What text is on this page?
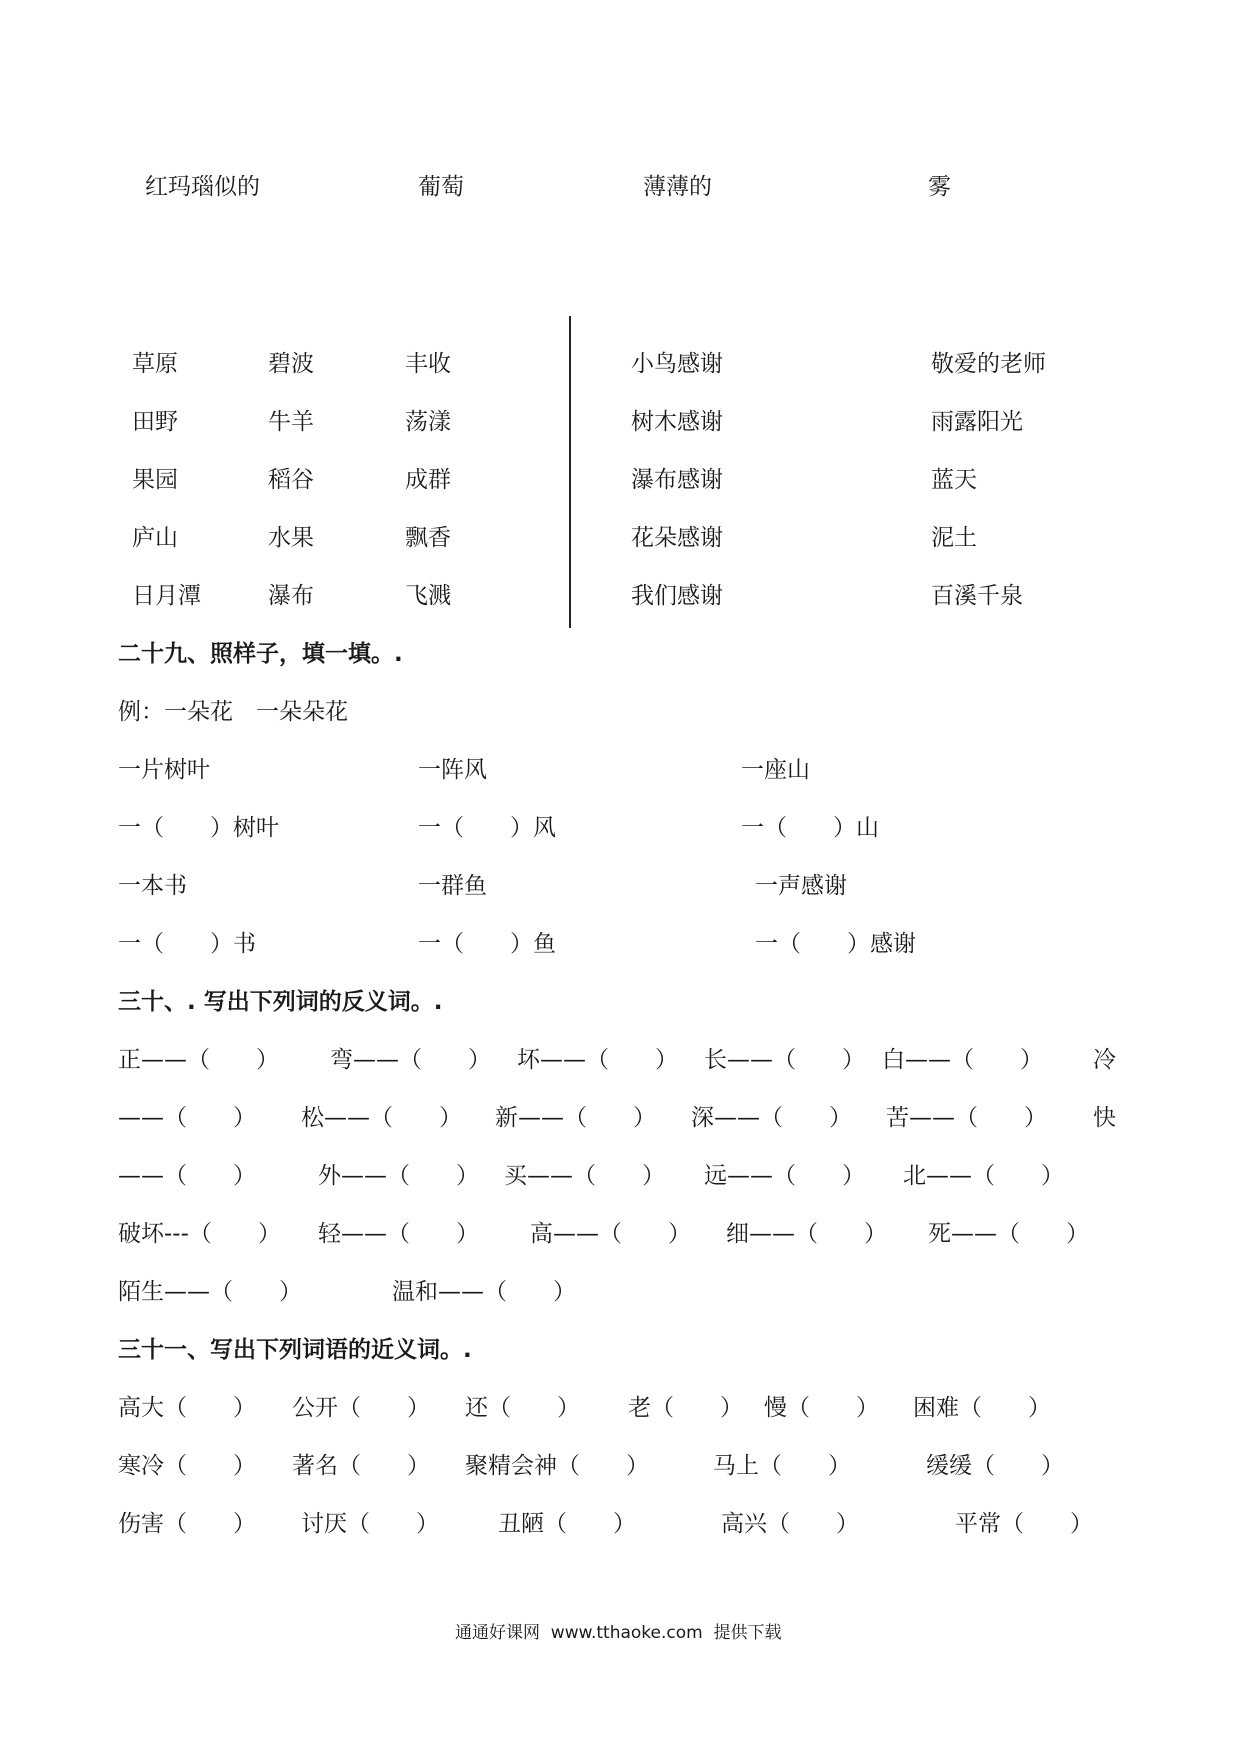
红玛瑙似的	葡萄	薄薄的	雾
草原	碧波	丰收
田野	牛羊	荡漾
果园	稻谷	成群
庐山	水果	飘香
日月潭	瀑布	飞溅
小鸟感谢	敬爱的老师
树木感谢	雨露阳光
瀑布感谢	蓝天
花朵感谢	泥土
我们感谢	百溪千泉
二十九、照样子，填一填。.
例：一朵花　一朵朵花
一片树叶	一阵风	一座山
一（　　）树叶	一（　　）风	一（　　）山
一本书	一群鱼	一声感谢
一（　　）书	一（　　）鱼	一（　　）感谢
三十、. 写出下列词的反义词。.
正——（　　） 弯——（　　） 坏——（　　） 长——（　　） 白——（　　） 冷
——（　　） 松——（　　） 新——（　　） 深——（　　） 苦——（　　） 快
——（　　）	外——（　　） 买——（　　） 远——（　　） 北——（　　）
破坏---（　　） 轻——（　　） 高——（　　） 细——（　　） 死——（　　）
陌生——（　　）	温和——（　　）
三十一、写出下列词语的近义词。.
高大（　　） 公开（　　） 还（　　） 老（　　） 慢（　　） 困难（　　）
寒冷（　　） 著名（　　） 聚精会神（　　）	马上（　　）	缓缓（　　）
伤害（　　） 讨厌（　　）	丑陋（　　）	高兴（　　）	平常（　　）
通通好课网  www.tthaoke.com  提供下载
